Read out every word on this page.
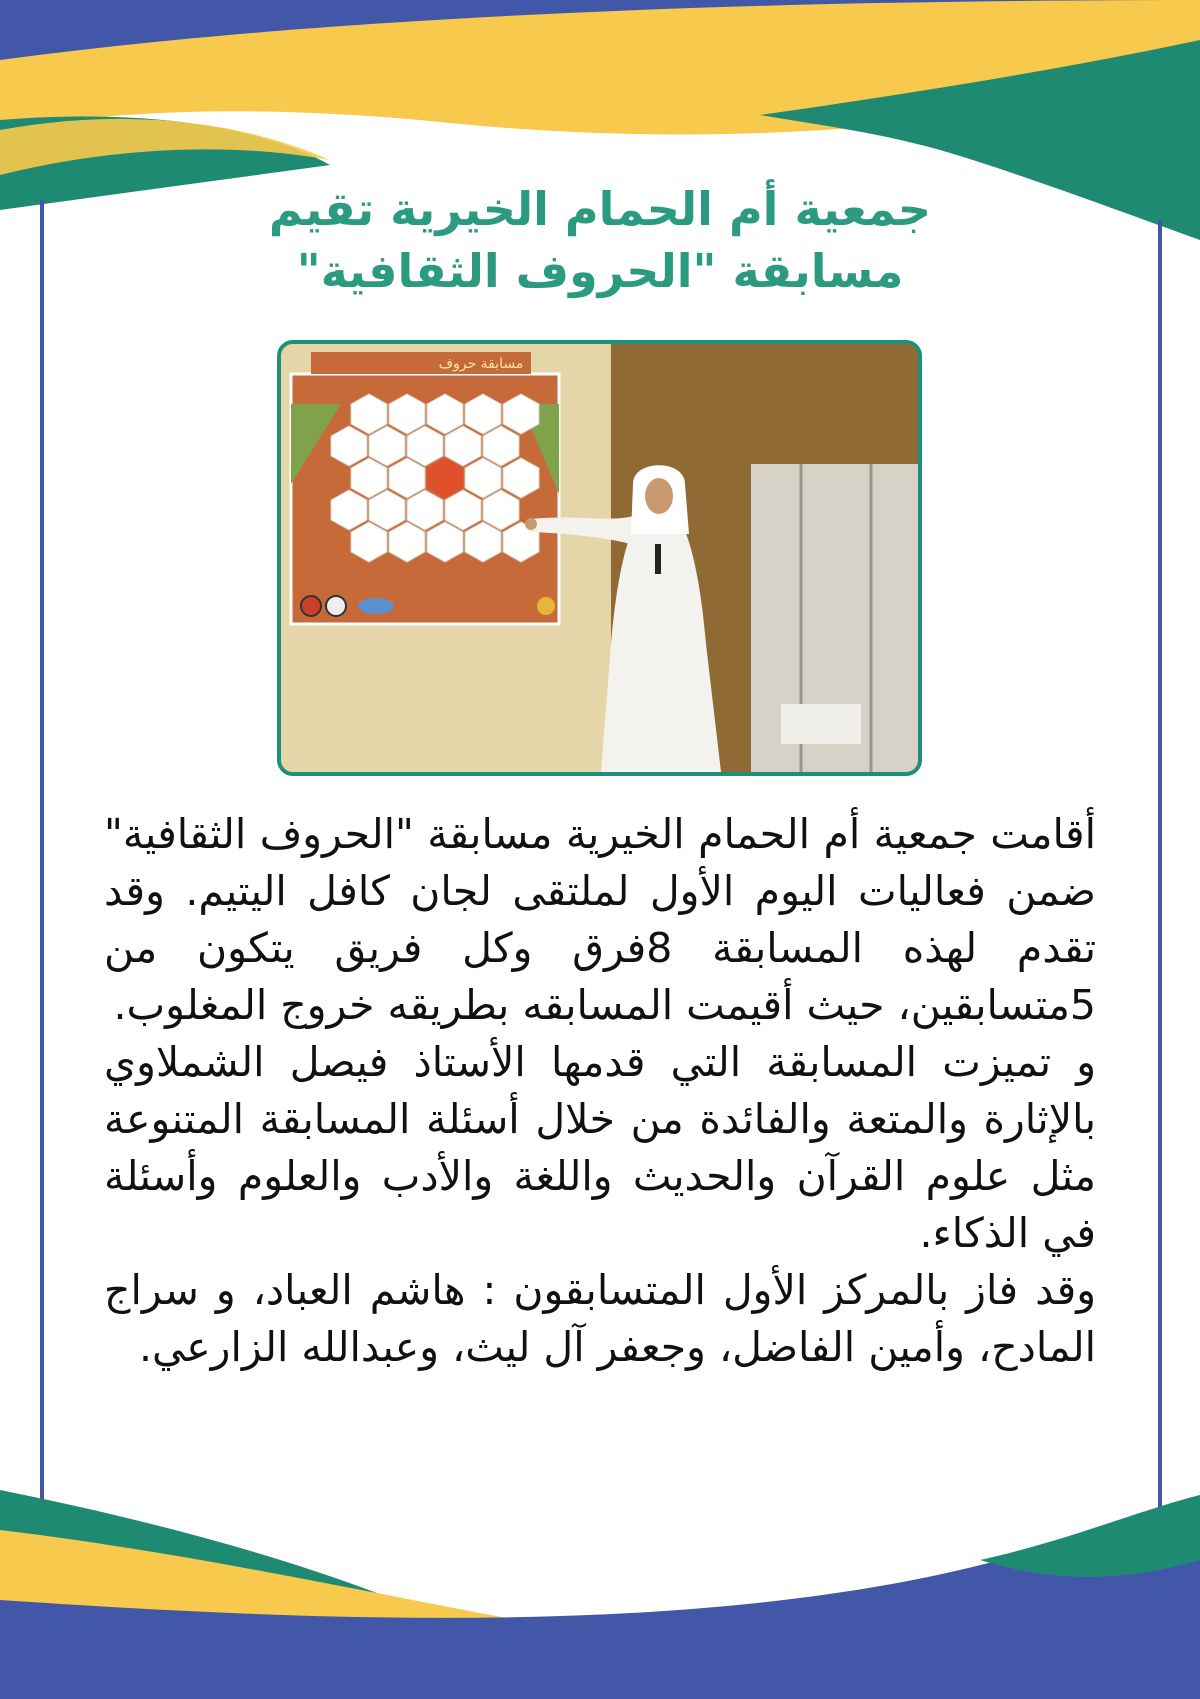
جمعية أم الحمام الخيرية تقيم
مسابقة "الحروف الثقافية"
مسابقة حروف

أقامت جمعية أم الحمام الخيرية مسابقة "الحروف الثقافية" ضمن فعاليات اليوم الأول لملتقى لجان كافل اليتيم. وقد تقدم لهذه المسابقة 8فرق وكل فريق يتكون من 5متسابقين، حيث أقيمت المسابقه بطريقه خروج المغلوب.

و تميزت المسابقة التي قدمها الأستاذ فيصل الشملاوي بالإثارة والمتعة والفائدة من خلال أسئلة المسابقة المتنوعة مثل علوم القرآن والحديث واللغة والأدب والعلوم وأسئلة في الذكاء.

وقد فاز بالمركز الأول المتسابقون : هاشم العباد، و سراج المادح، وأمين الفاضل، وجعفر آل ليث، وعبدالله الزارعي.
